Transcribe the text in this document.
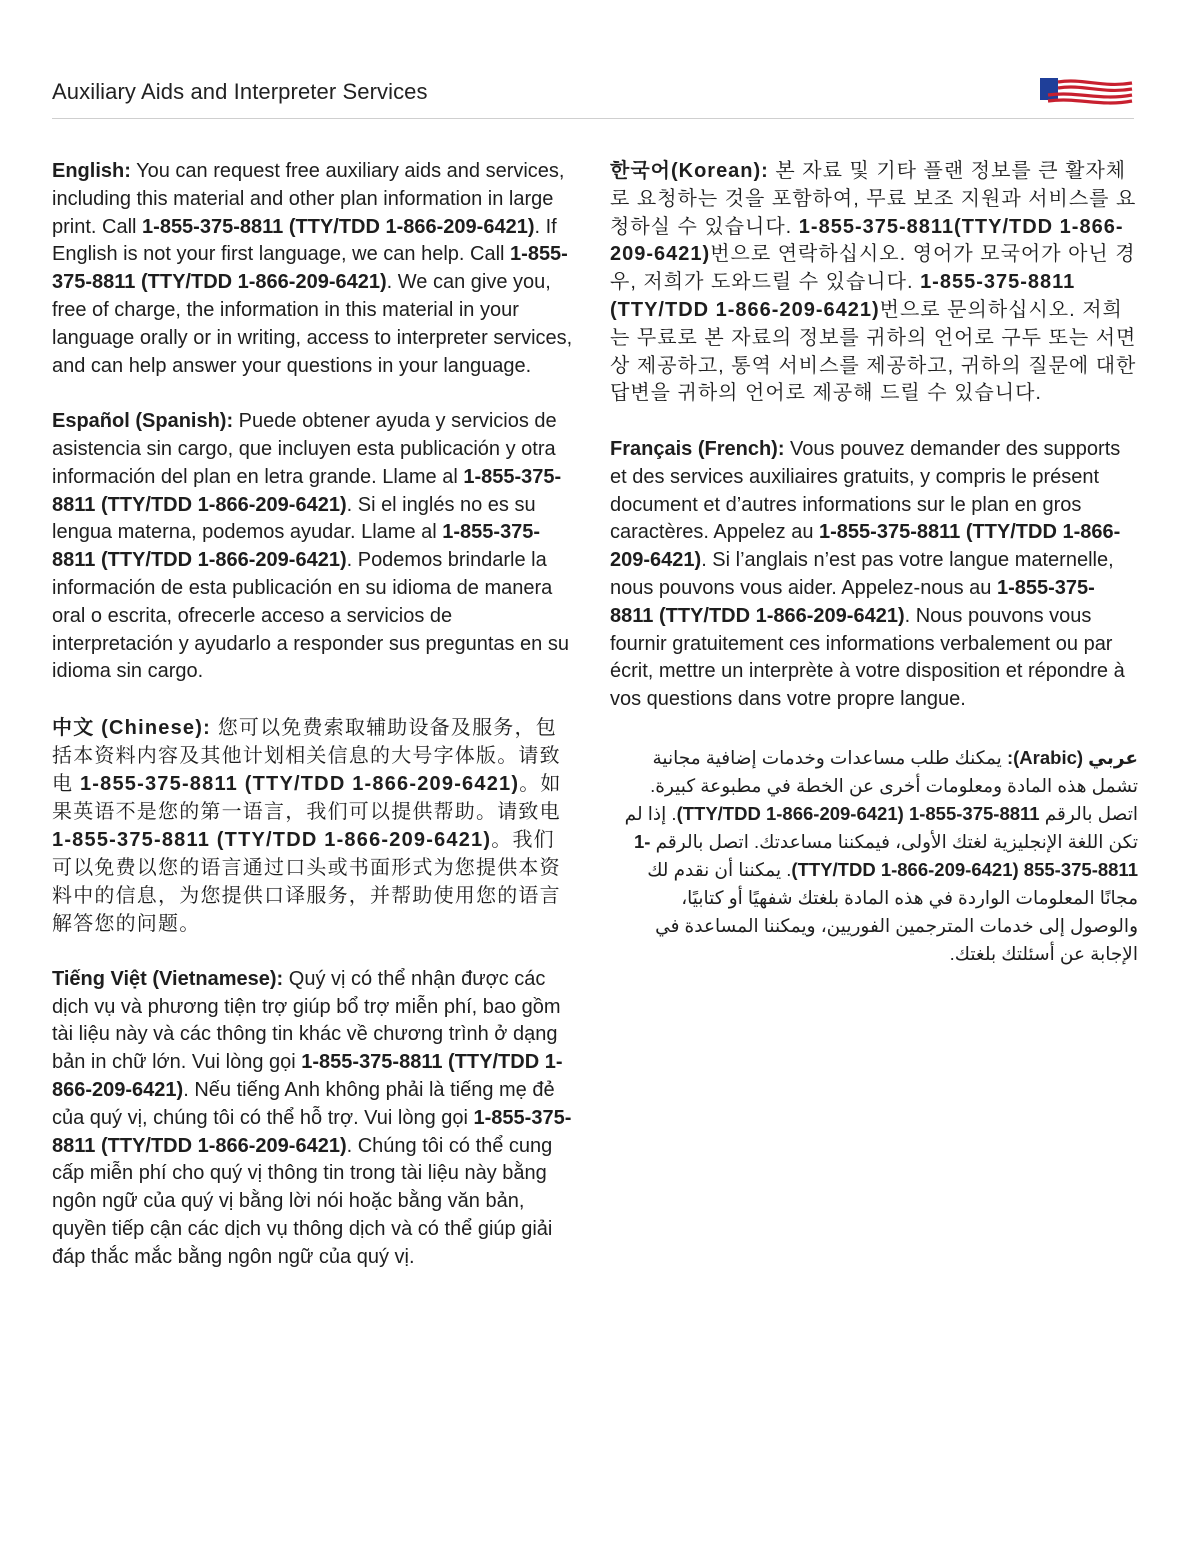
Auxiliary Aids and Interpreter Services

English: You can request free auxiliary aids and services, including this material and other plan information in large print. Call 1-855-375-8811 (TTY/TDD 1-866-209-6421). If English is not your first language, we can help. Call 1-855-375-8811 (TTY/TDD 1-866-209-6421). We can give you, free of charge, the information in this material in your language orally or in writing, access to interpreter services, and can help answer your questions in your language.

Español (Spanish): Puede obtener ayuda y servicios de asistencia sin cargo, que incluyen esta publicación y otra información del plan en letra grande. Llame al 1-855-375-8811 (TTY/TDD 1-866-209-6421). Si el inglés no es su lengua materna, podemos ayudar. Llame al 1-855-375-8811 (TTY/TDD 1-866-209-6421). Podemos brindarle la información de esta publicación en su idioma de manera oral o escrita, ofrecerle acceso a servicios de interpretación y ayudarlo a responder sus preguntas en su idioma sin cargo.

中文 (Chinese): 您可以免费索取辅助设备及服务，包括本资料内容及其他计划相关信息的大号字体版。请致电 1-855-375-8811 (TTY/TDD 1-866-209-6421)。如果英语不是您的第一语言，我们可以提供帮助。请致电 1-855-375-8811 (TTY/TDD 1-866-209-6421)。我们可以免费以您的语言通过口头或书面形式为您提供本资料中的信息，为您提供口译服务，并帮助使用您的语言解答您的问题。

Tiếng Việt (Vietnamese): Quý vị có thể nhận được các dịch vụ và phương tiện trợ giúp bổ trợ miễn phí, bao gồm tài liệu này và các thông tin khác về chương trình ở dạng bản in chữ lớn. Vui lòng gọi 1-855-375-8811 (TTY/TDD 1-866-209-6421). Nếu tiếng Anh không phải là tiếng mẹ đẻ của quý vị, chúng tôi có thể hỗ trợ. Vui lòng gọi 1-855-375-8811 (TTY/TDD 1-866-209-6421). Chúng tôi có thể cung cấp miễn phí cho quý vị thông tin trong tài liệu này bằng ngôn ngữ của quý vị bằng lời nói hoặc bằng văn bản, quyền tiếp cận các dịch vụ thông dịch và có thể giúp giải đáp thắc mắc bằng ngôn ngữ của quý vị.

한국어(Korean): 본 자료 및 기타 플랜 정보를 큰 활자체로 요청하는 것을 포함하여, 무료 보조 지원과 서비스를 요청하실 수 있습니다. 1-855-375-8811(TTY/TDD 1-866-209-6421)번으로 연락하십시오. 영어가 모국어가 아닌 경우, 저희가 도와드릴 수 있습니다. 1-855-375-8811 (TTY/TDD 1-866-209-6421)번으로 문의하십시오. 저희는 무료로 본 자료의 정보를 귀하의 언어로 구두 또는 서면상 제공하고, 통역 서비스를 제공하고, 귀하의 질문에 대한 답변을 귀하의 언어로 제공해 드릴 수 있습니다.

Français (French): Vous pouvez demander des supports et des services auxiliaires gratuits, y compris le présent document et d’autres informations sur le plan en gros caractères. Appelez au 1-855-375-8811 (TTY/TDD 1-866-209-6421). Si l’anglais n’est pas votre langue maternelle, nous pouvons vous aider. Appelez-nous au 1-855-375-8811 (TTY/TDD 1-866-209-6421). Nous pouvons vous fournir gratuitement ces informations verbalement ou par écrit, mettre un interprète à votre disposition et répondre à vos questions dans votre propre langue.

عربي (Arabic): يمكنك طلب مساعدات وخدمات إضافية مجانية تشمل هذه المادة ومعلومات أخرى عن الخطة في مطبوعة كبيرة. اتصل بالرقم 1-855-375-8811 (TTY/TDD 1-866-209-6421). إذا لم تكن اللغة الإنجليزية لغتك الأولى، فيمكننا مساعدتك. اتصل بالرقم 1-855-375-8811 (TTY/TDD 1-866-209-6421). يمكننا أن نقدم لك مجانًا المعلومات الواردة في هذه المادة بلغتك شفهيًا أو كتابيًا، والوصول إلى خدمات المترجمين الفوريين، ويمكننا المساعدة في الإجابة عن أسئلتك بلغتك.
